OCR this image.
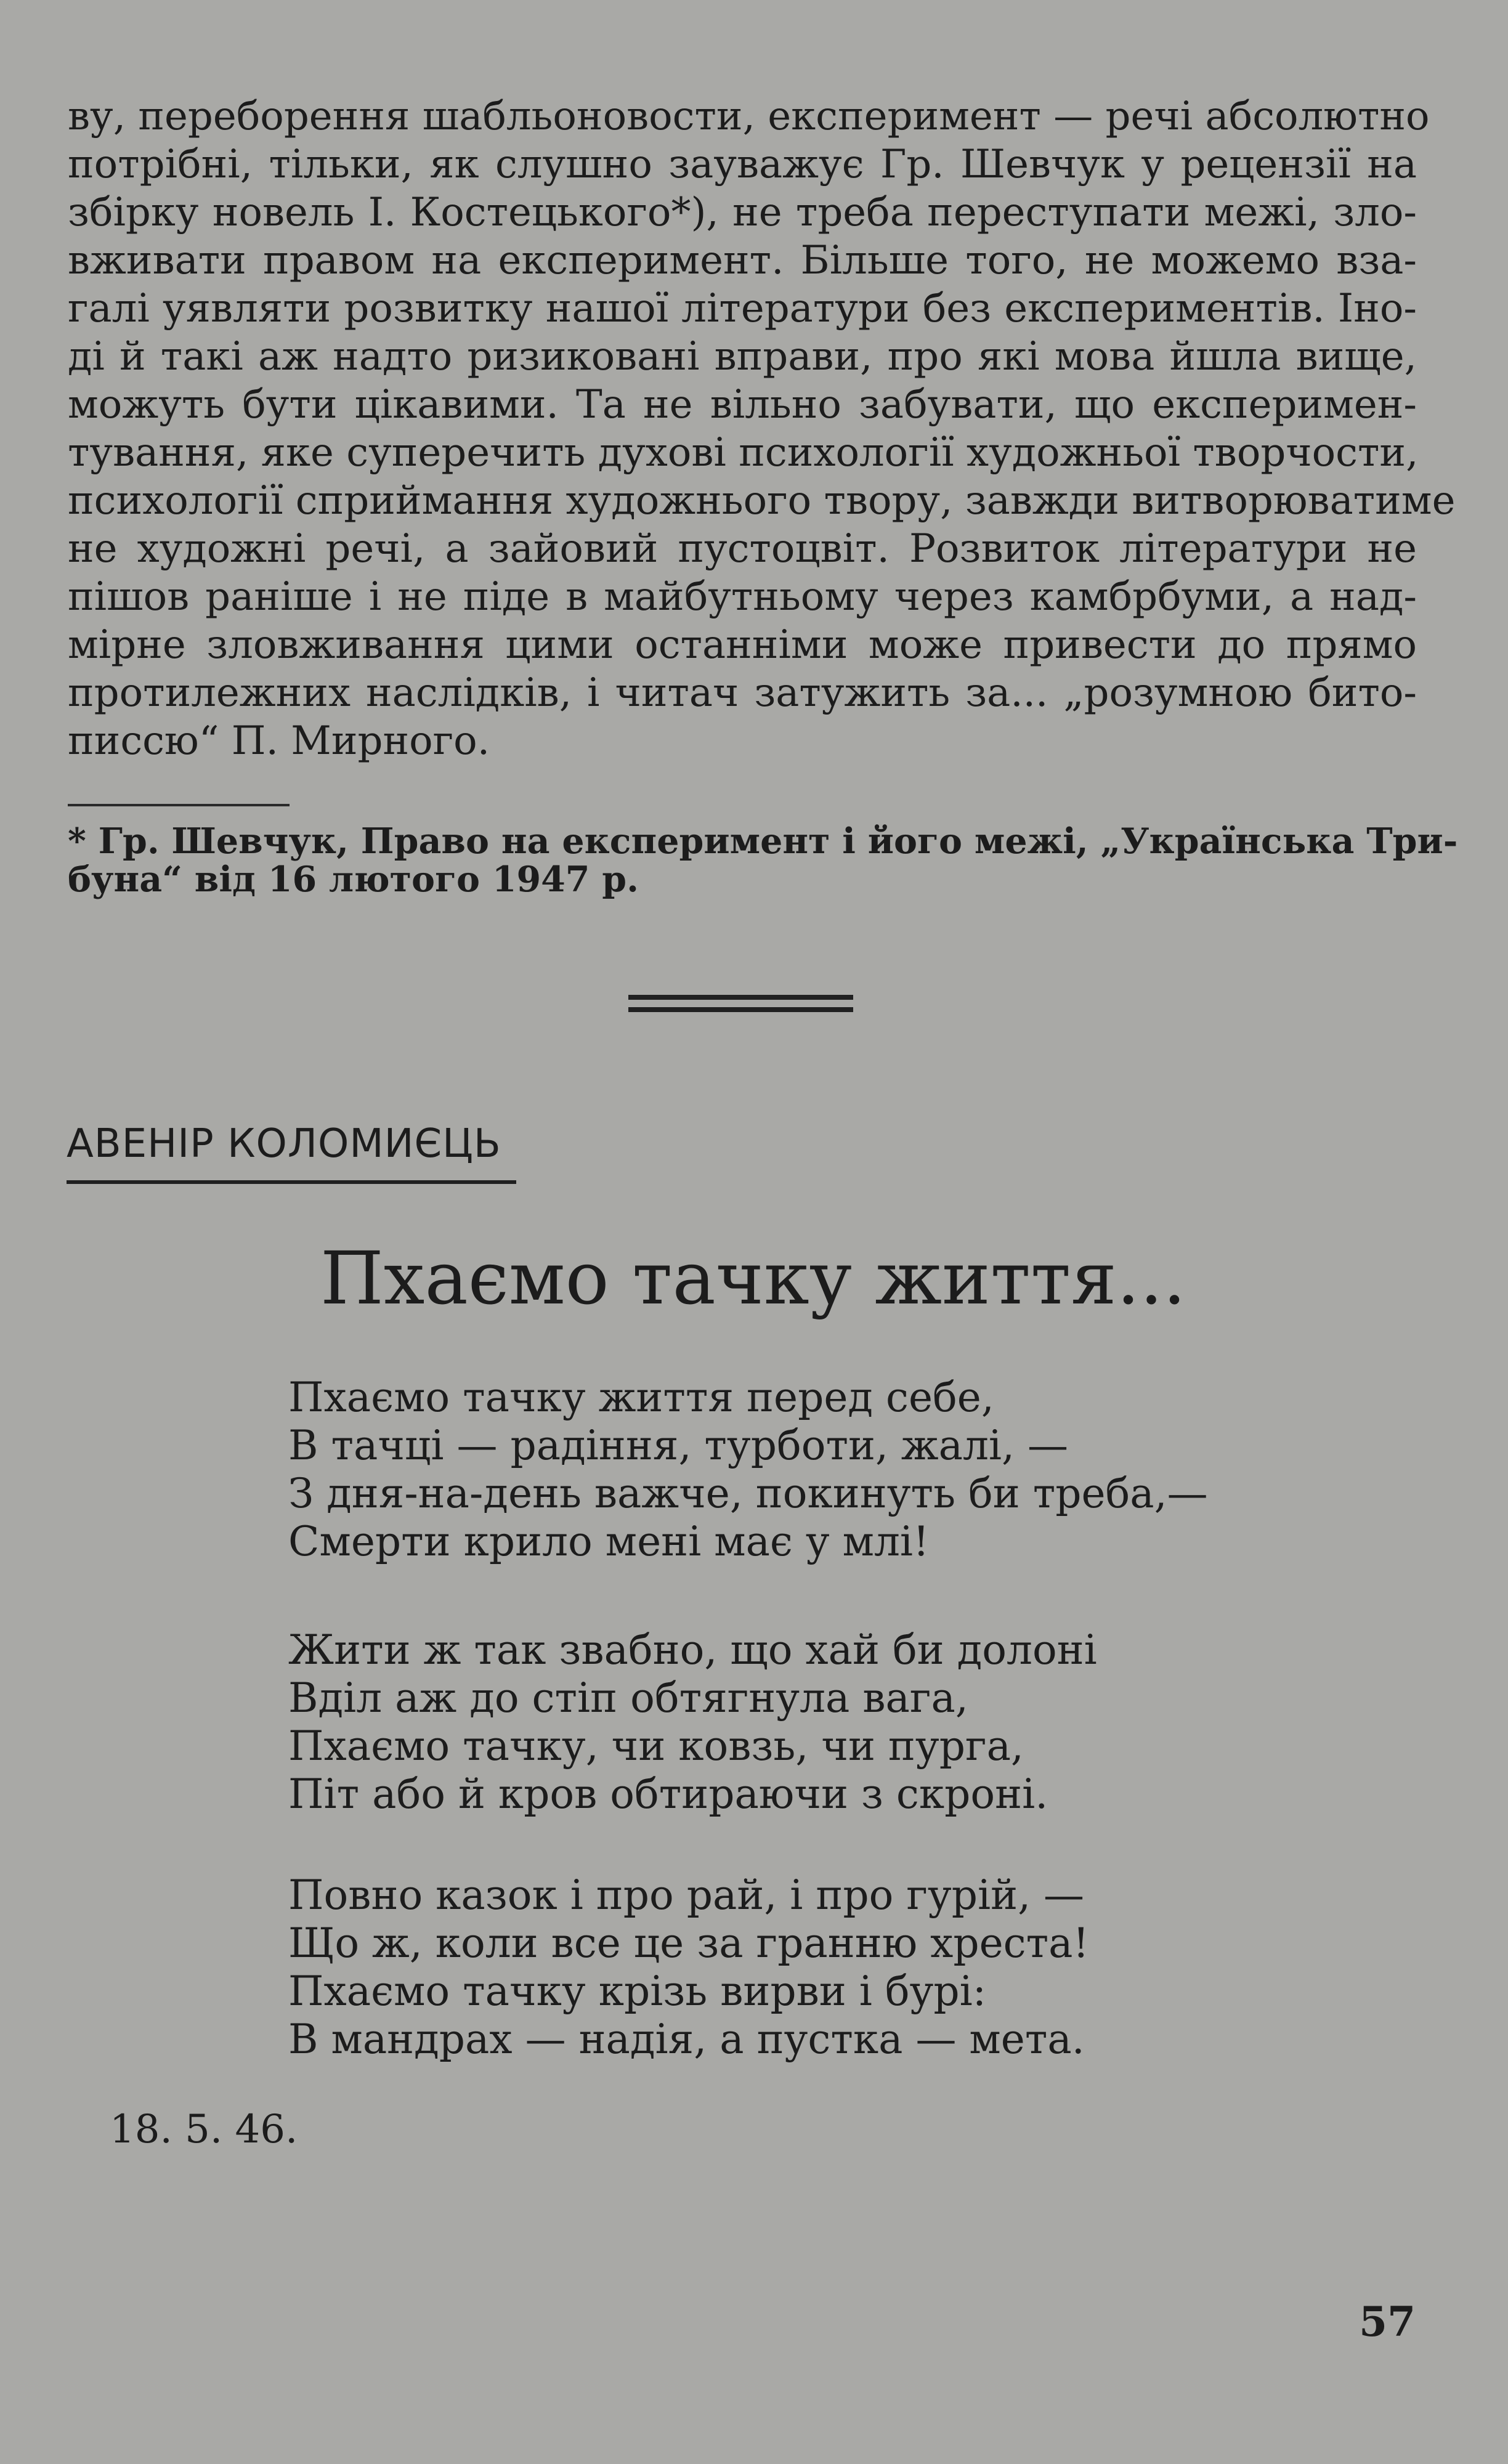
ву, переборення шабльоновости, експеримент — речі абсолютно
потрібні, тільки, як слушно зауважує Гр. Шевчук у рецензії на
збірку новель І. Костецького*), не треба переступати межі, зло-
вживати правом на експеримент. Більше того, не можемо вза-
галі уявляти розвитку нашої літератури без експериментів. Іно-
ді й такі аж надто ризиковані вправи, про які мова йшла вище,
можуть бути цікавими. Та не вільно забувати, що експеримен-
тування, яке суперечить духові психології художньої творчости,
психології сприймання художнього твору, завжди витворюватиме
не художні речі, а зайовий пустоцвіт. Розвиток літератури не
пішов раніше і не піде в майбутньому через камбрбуми, а над-
мірне зловживання цими останніми може привести до прямо
протилежних наслідків, і читач затужить за... „розумною бито-
писсю“ П. Мирного.
* Гр. Шевчук, Право на експеримент і його межі, „Українська Три-
буна“ від 16 лютого 1947 р.
АВЕНІР КОЛОМИЄЦЬ
Пхаємо тачку життя...
Пхаємо тачку життя перед себе,
В тачці — радіння, турботи, жалі, —
З дня-на-день важче, покинуть би треба,—
Смерти крило мені має у млі!
Жити ж так звабно, що хай би долоні
Вділ аж до стіп обтягнула вага,
Пхаємо тачку, чи ковзь, чи пурга,
Піт або й кров обтираючи з скроні.
Повно казок і про рай, і про гурій, —
Що ж, коли все це за гранню хреста!
Пхаємо тачку крізь вирви і бурі:
В мандрах — надія, а пустка — мета.
18. 5. 46.
57
